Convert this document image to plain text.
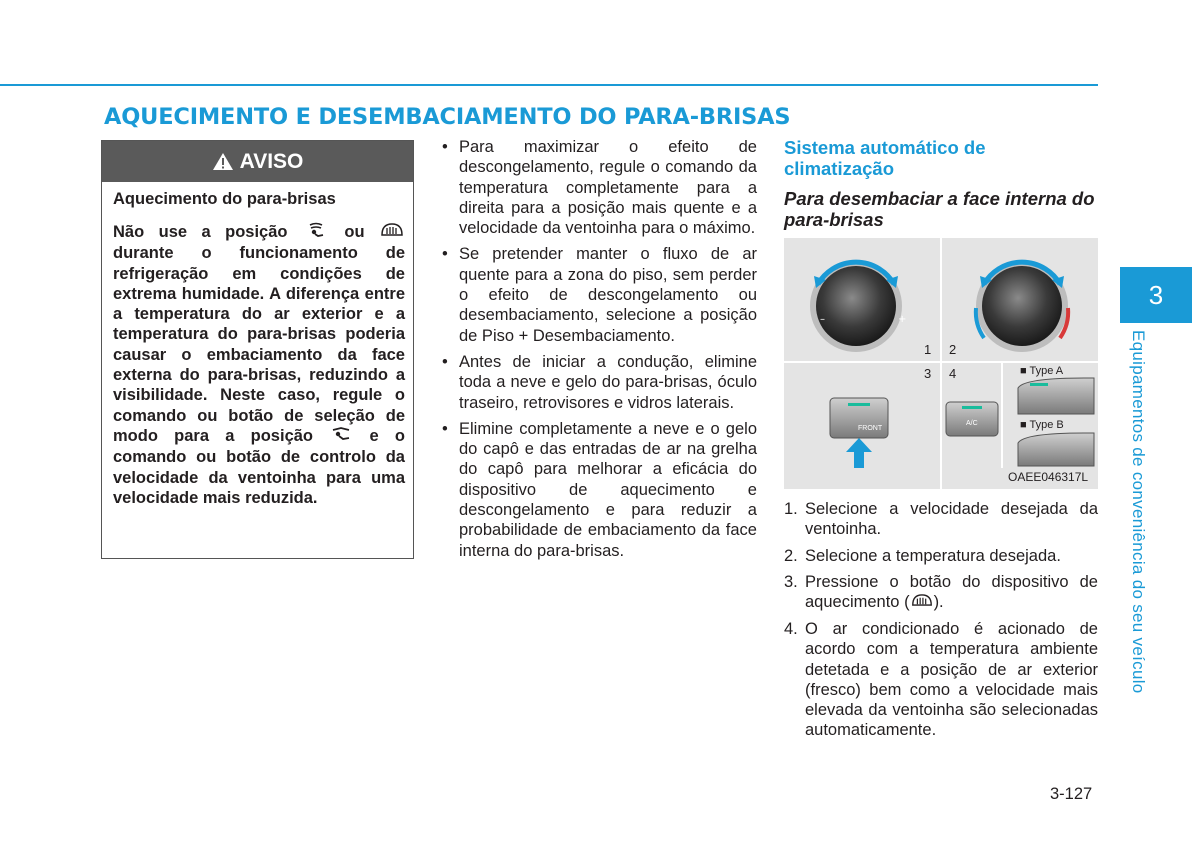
AQUECIMENTO E DESEMBACIAMENTO DO PARA-BRISAS
AVISO
Aquecimento do para-brisas
Não use a posição	ou  durante o funcionamento de refrigeração em condições de extrema humidade. A diferença entre a temperatura do ar exterior e a temperatura do para-brisas poderia causar o embaciamento da face externa do para-brisas, reduzindo a visibilidade. Neste caso, regule o comando ou botão de seleção de modo para a posição	e o comando ou botão de controlo da velocidade da ventoinha para uma velocidade mais reduzida.
• Para maximizar o efeito de descongelamento, regule o comando da temperatura completamente para a direita para a posição mais quente e a velocidade da ventoinha para o máximo.
• Se pretender manter o fluxo de ar quente para a zona do piso, sem perder o efeito de descongelamento ou desembaciamento, selecione a posição de Piso + Desembaciamento.
• Antes de iniciar a condução, elimine toda a neve e gelo do para-brisas, óculo traseiro, retrovisores e vidros laterais.
• Elimine completamente a neve e o gelo do capô e das entradas de ar na grelha do capô para melhorar a eficácia do dispositivo de aquecimento e descongelamento e para reduzir a probabilidade de embaciamento da face interna do para-brisas.
Sistema automático de climatização
Para desembaciar a face interna do para-brisas
–	+
1 2
3 4	■ Type A
■ Type B
FRONT
A/C
OAEE046317L
1. Selecione a velocidade desejada da ventoinha.
2. Selecione a temperatura desejada.
3. Pressione o botão do dispositivo de aquecimento ( ).
4. O ar condicionado é acionado de acordo com a temperatura ambiente detetada e a posição de ar exterior (fresco) bem como a velocidade mais elevada da ventoinha são selecionadas automaticamente.
3-127
3
Equipamentos de conveniência do seu veículo
